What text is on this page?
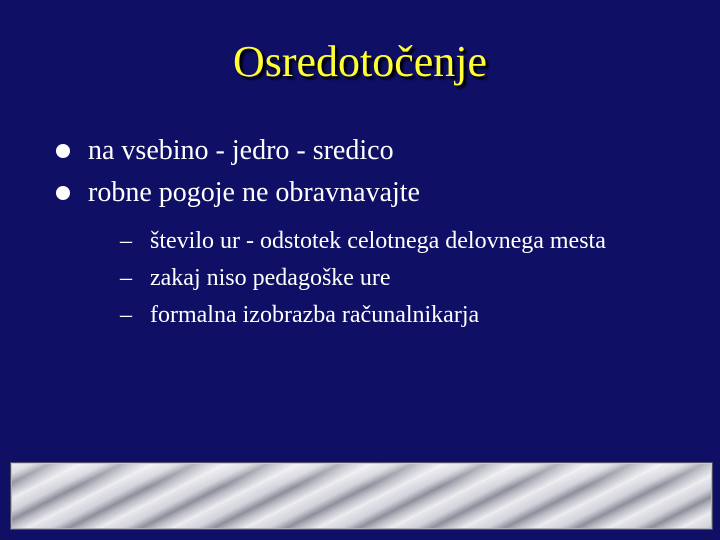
Osredotočenje
na vsebino - jedro - sredico
robne pogoje ne obravnavajte
– število ur - odstotek celotnega delovnega mesta
– zakaj niso pedagoške ure
– formalna izobrazba računalnikarja
